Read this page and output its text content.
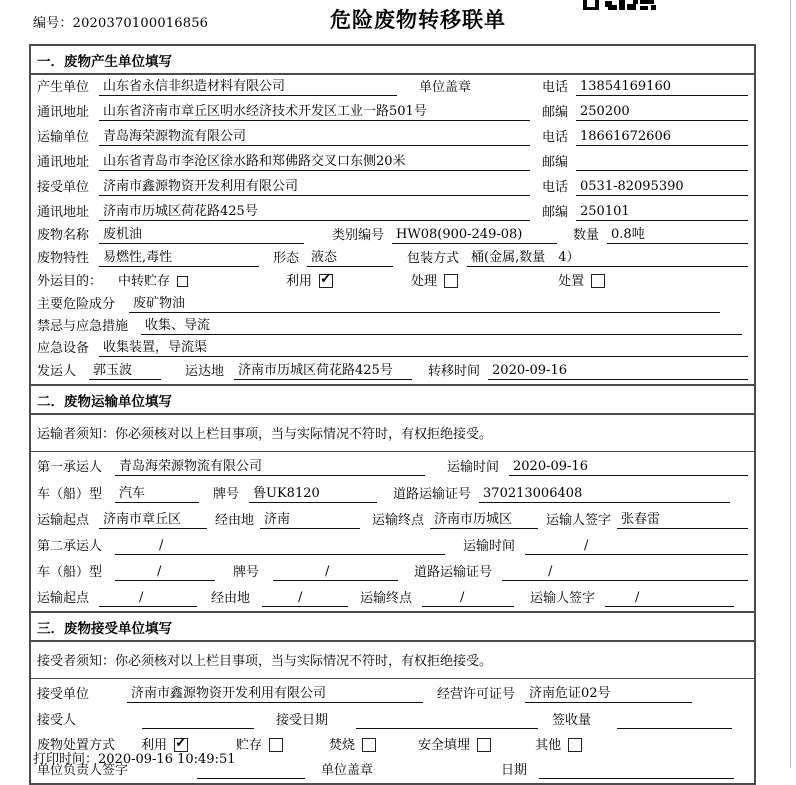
编号：2020370100016856	危险废物转移联单
一．废物产生单位填写
产生单位	山东省永信非织造材料有限公司	单位盖章	电话 13854169160
通讯地址	山东省济南市章丘区明水经济技术开发区工业一路501号	邮编 250200
运输单位	青岛海荣源物流有限公司	电话 18661672606
通讯地址	山东省青岛市李沧区徐水路和郑佛路交叉口东侧20米	邮编
接受单位	济南市鑫源物资开发利用有限公司	电话 0531-82095390
通讯地址	济南市历城区荷花路425号	邮编 250101
废物名称	废机油	类别编号 HW08(900-249-08)	数量 0.8吨
废物特性	易燃性,毒性	形态 液态	包装方式 桶(金属,数量　4）
外运目的： 中转贮存	利用 ✓	处理	处置
主要危险成分	废矿物油
禁忌与应急措施	收集、导流
应急设备	收集装置，导流渠
发运人	郭玉波	运达地	济南市历城区荷花路425号	转移时间 2020-09-16
二．废物运输单位填写
运输者须知：你必须核对以上栏目事项，当与实际情况不符时，有权拒绝接受。
第一承运人	青岛海荣源物流有限公司	运输时间	2020-09-16
车（船）型	汽车	牌号	鲁UK8120	道路运输证号 370213006408
运输起点	济南市章丘区	经由地 济南	运输终点 济南市历城区	运输人签字 张春雷
第二承运人	/	运输时间	/
车（船）型	/	牌号	/	道路运输证号	/
运输起点	/	经由地	/	运输终点	/	运输人签字	/
三．废物接受单位填写
接受者须知：你必须核对以上栏目事项，当与实际情况不符时，有权拒绝接受。
接受单位	济南市鑫源物资开发利用有限公司	经营许可证号	济南危证02号
接受人	接受日期	签收量
废物处置方式	利用 ✓	贮存	焚烧	安全填埋	其他
单位负责人签字	单位盖章	日期
打印时间：2020-09-16 10:49:51
